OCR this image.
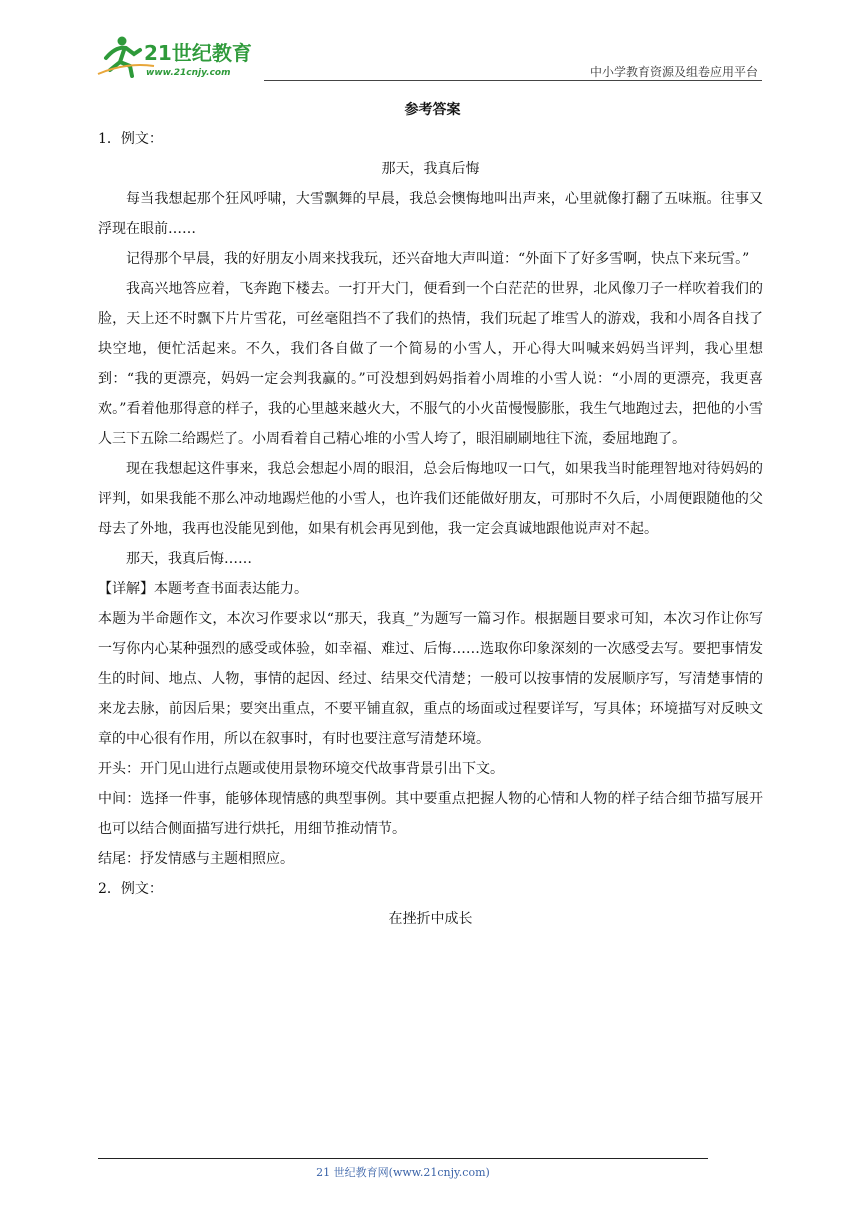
21世纪教育
www.21cnjy.com	中小学教育资源及组卷应用平台
参考答案

1．例文：

那天，我真后悔

每当我想起那个狂风呼啸，大雪飘舞的早晨，我总会懊悔地叫出声来，心里就像打翻了五味瓶。往事又浮现在眼前……

记得那个早晨，我的好朋友小周来找我玩，还兴奋地大声叫道：“外面下了好多雪啊，快点下来玩雪。”

我高兴地答应着，飞奔跑下楼去。一打开大门，便看到一个白茫茫的世界，北风像刀子一样吹着我们的脸，天上还不时飘下片片雪花，可丝毫阻挡不了我们的热情，我们玩起了堆雪人的游戏，我和小周各自找了块空地，便忙活起来。不久，我们各自做了一个简易的小雪人，开心得大叫喊来妈妈当评判，我心里想到：“我的更漂亮，妈妈一定会判我赢的。”可没想到妈妈指着小周堆的小雪人说：“小周的更漂亮，我更喜欢。”看着他那得意的样子，我的心里越来越火大，不服气的小火苗慢慢膨胀，我生气地跑过去，把他的小雪人三下五除二给踢烂了。小周看着自己精心堆的小雪人垮了，眼泪刷刷地往下流，委屈地跑了。

现在我想起这件事来，我总会想起小周的眼泪，总会后悔地叹一口气，如果我当时能理智地对待妈妈的评判，如果我能不那么冲动地踢烂他的小雪人，也许我们还能做好朋友，可那时不久后，小周便跟随他的父母去了外地，我再也没能见到他，如果有机会再见到他，我一定会真诚地跟他说声对不起。

那天，我真后悔……

【详解】本题考查书面表达能力。

本题为半命题作文，本次习作要求以“那天，我真_”为题写一篇习作。根据题目要求可知，本次习作让你写一写你内心某种强烈的感受或体验，如幸福、难过、后悔……选取你印象深刻的一次感受去写。要把事情发生的时间、地点、人物，事情的起因、经过、结果交代清楚；一般可以按事情的发展顺序写，写清楚事情的来龙去脉，前因后果；要突出重点，不要平铺直叙，重点的场面或过程要详写，写具体；环境描写对反映文章的中心很有作用，所以在叙事时，有时也要注意写清楚环境。

开头：开门见山进行点题或使用景物环境交代故事背景引出下文。

中间：选择一件事，能够体现情感的典型事例。其中要重点把握人物的心情和人物的样子结合细节描写展开也可以结合侧面描写进行烘托，用细节推动情节。

结尾：抒发情感与主题相照应。

2．例文：

在挫折中成长

21 世纪教育网(www.21cnjy.com)
